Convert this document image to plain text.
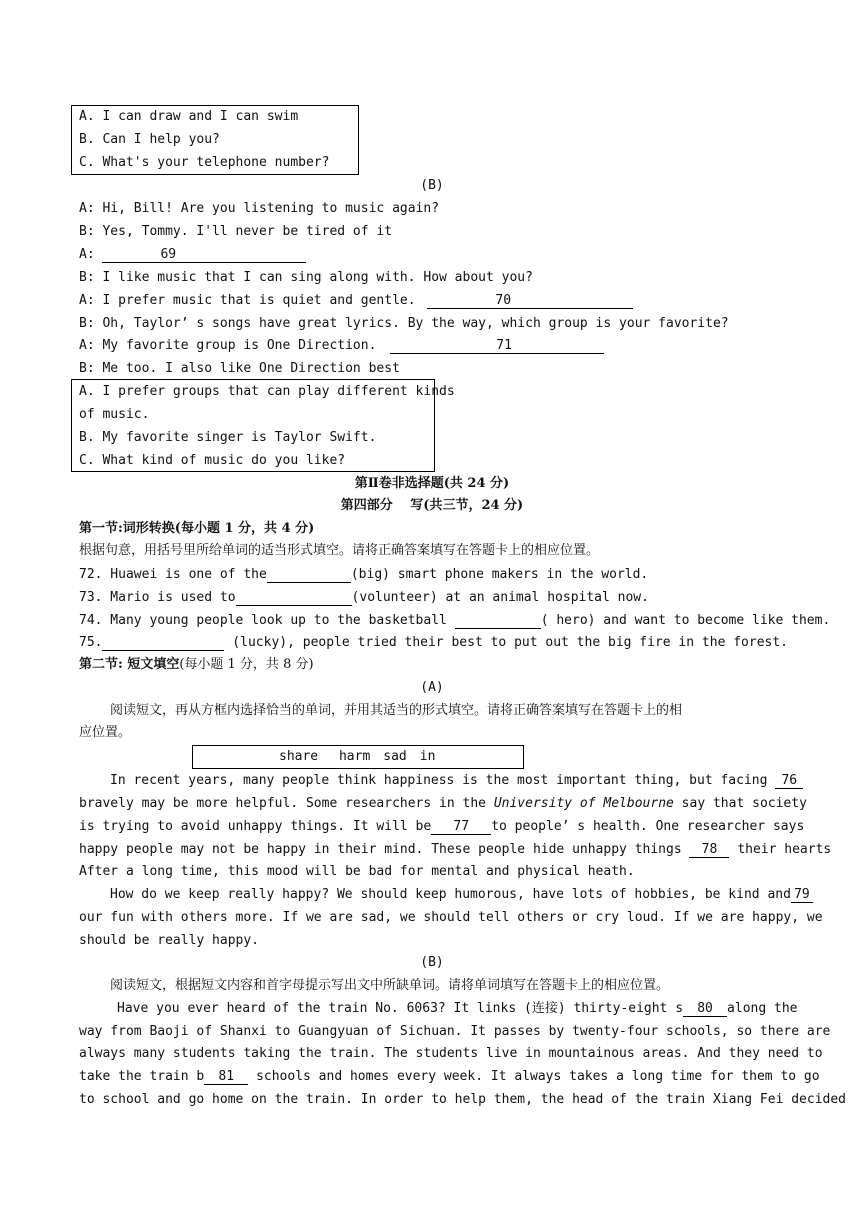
A. I can draw and I can swim
B. Can I help you?
C. What's your telephone number?
(B)
A: Hi, Bill! Are you listening to music again?
B: Yes, Tommy. I'll never be tired of it
A:	69
B: I like music that I can sing along with. How about you?
A: I prefer music that is quiet and gentle.	70
B: Oh, Taylor’ s songs have great lyrics. By the way, which group is your favorite?
A: My favorite group is One Direction.	71
B: Me too. I also like One Direction best
A. I prefer groups that can play different kinds
of music.
B. My favorite singer is Taylor Swift.
C. What kind of music do you like?
第Ⅱ卷非选择题(共 24 分)
第四部分　 写(共三节，24 分)
第一节:词形转换(每小题 1 分，共 4 分)
根据句意，用括号里所给单词的适当形式填空。请将正确答案填写在答题卡上的相应位置。
72. Huawei is one of the	(big) smart phone makers in the world.
73. Mario is used to	(volunteer) at an animal hospital now.
74. Many young people look up to the basketball	( hero) and want to become like them.
75.	(lucky), people tried their best to put out the big fire in the forest.
第二节: 短文填空(每小题 1 分，共 8 分)
(A)
阅读短文，再从方框内选择恰当的单词，并用其适当的形式填空。请将正确答案填写在答题卡上的相
应位置。
share　 harm　sad　in
In recent years, many people think happiness is the most important thing, but facing 76
bravely may be more helpful. Some researchers in the University of Melbourne say that society
is trying to avoid unhappy things. It will be 77 to people’ s health. One researcher says
happy people may not be happy in their mind. These people hide unhappy things 78 their hearts
After a long time, this mood will be bad for mental and physical heath.
How do we keep really happy? We should keep humorous, have lots of hobbies, be kind and 79
our fun with others more. If we are sad, we should tell others or cry loud. If we are happy, we
should be really happy.
(B)
阅读短文，根据短文内容和首字母提示写出文中所缺单词。请将单词填写在答题卡上的相应位置。
Have you ever heard of the train No. 6063? It links (连接) thirty-eight s 80 along the
way from Baoji of Shanxi to Guangyuan of Sichuan. It passes by twenty-four schools, so there are
always many students taking the train. The students live in mountainous areas. And they need to
take the train b 81 schools and homes every week. It always takes a long time for them to go
to school and go home on the train. In order to help them, the head of the train Xiang Fei decided
